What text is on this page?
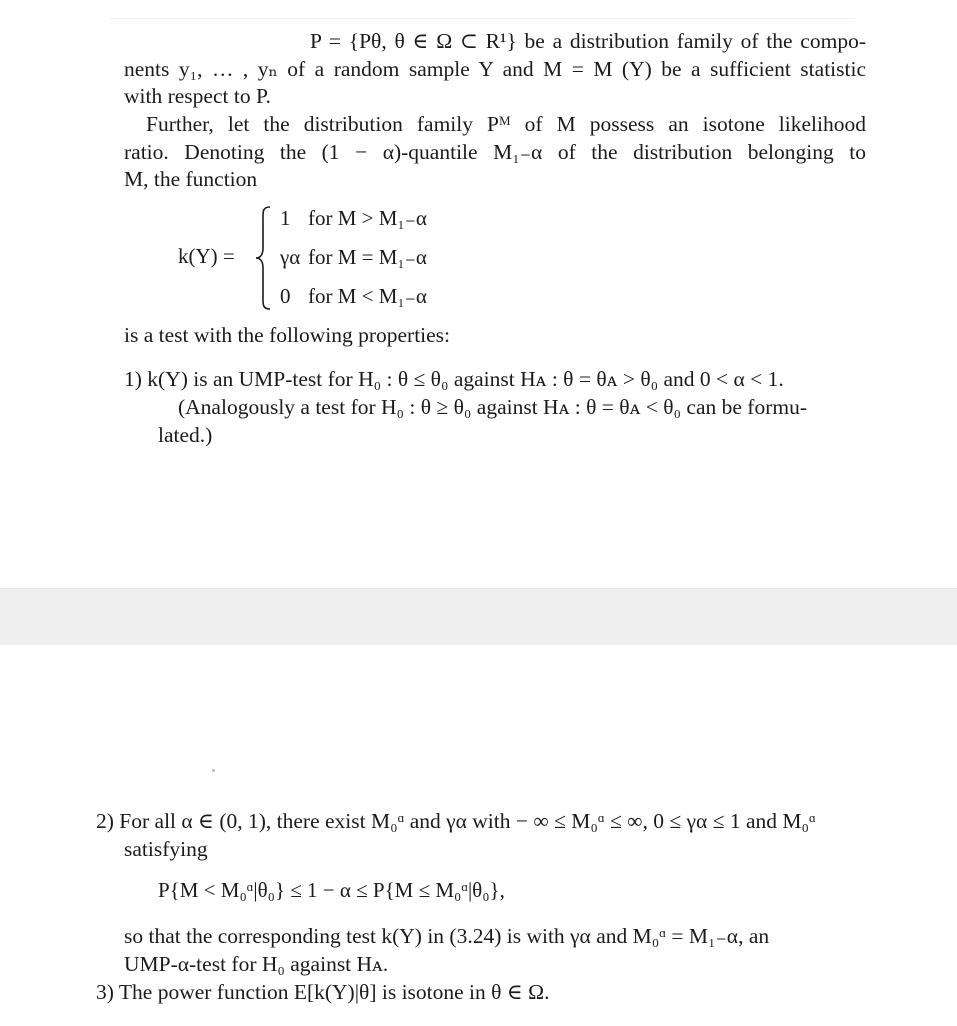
P = {Pθ, θ ∈ Ω ⊂ R¹} be a distribution family of the compo-
nents y₁, … , yₙ of a random sample Y and M = M (Y) be a sufficient statistic
with respect to P.

Further, let the distribution family Pᴹ of M possess an isotone likelihood
ratio. Denoting the (1 − α)-quantile M₁₋α of the distribution belonging to
M, the function

k(Y) =
1 for M > M₁₋α
γα for M = M₁₋α
0 for M < M₁₋α
is a test with the following properties:
1) k(Y) is an UMP-test for H₀ : θ ≤ θ₀ against Hᴀ : θ = θᴀ > θ₀ and 0 < α < 1.
(Analogously a test for H₀ : θ ≥ θ₀ against Hᴀ : θ = θᴀ < θ₀ can be formu-
lated.)
2) For all α ∈ (0, 1), there exist M₀ᵅ and γα with − ∞ ≤ M₀ᵅ ≤ ∞, 0 ≤ γα ≤ 1 and M₀ᵅ
satisfying
P{M < M₀ᵅ|θ₀} ≤ 1 − α ≤ P{M ≤ M₀ᵅ|θ₀},
so that the corresponding test k(Y) in (3.24) is with γα and M₀ᵅ = M₁₋α, an
UMP-α-test for H₀ against Hᴀ.
3) The power function E[k(Y)|θ] is isotone in θ ∈ Ω.
